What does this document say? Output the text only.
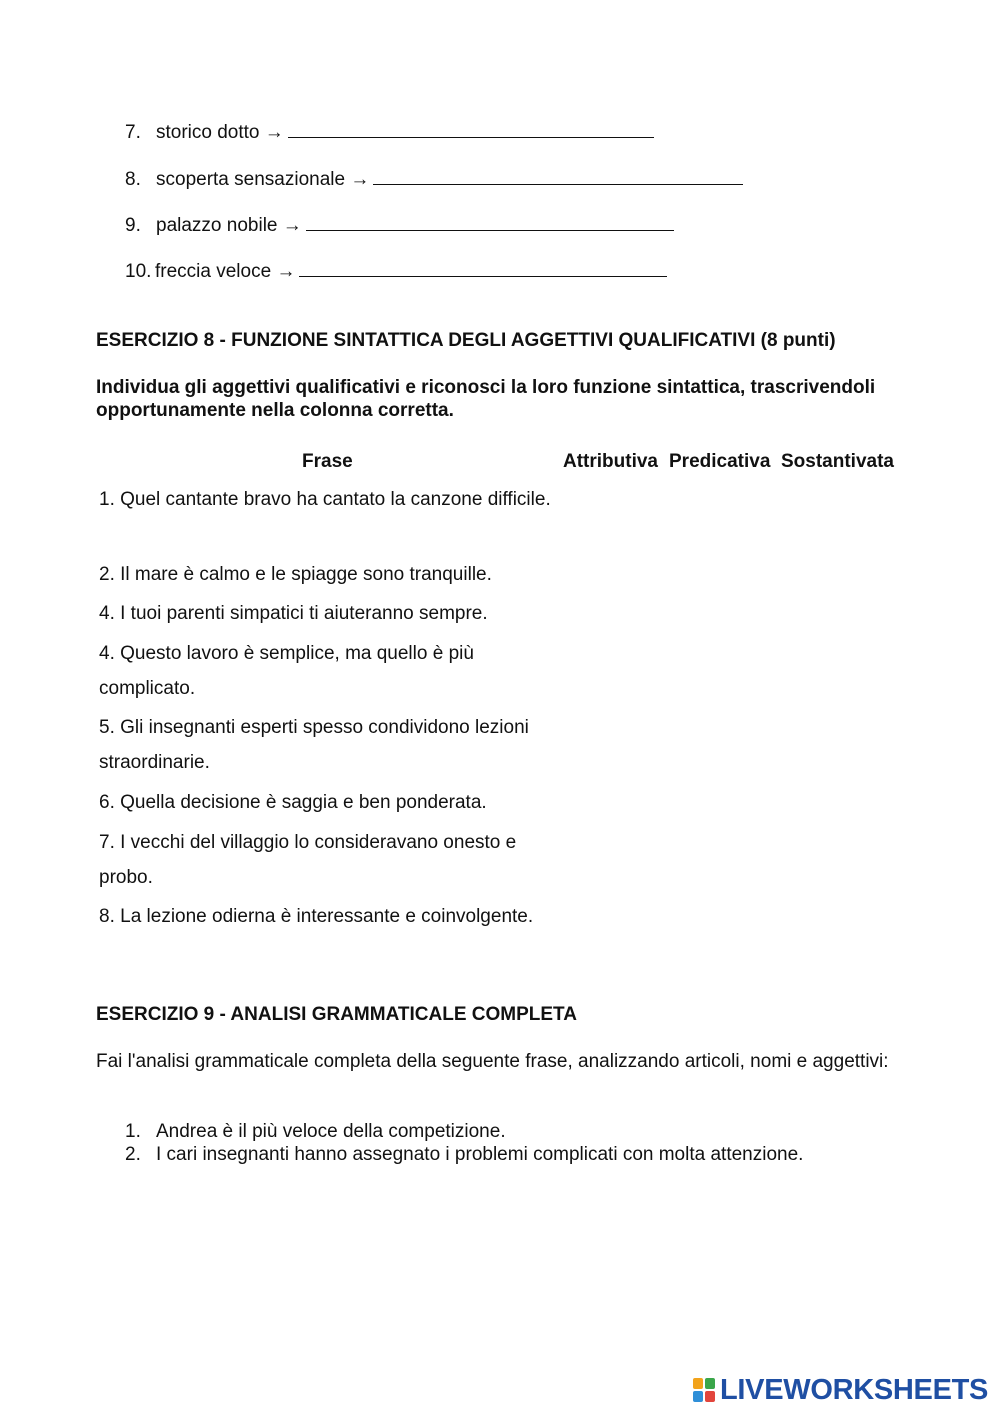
7. storico dotto →
8. scoperta sensazionale →
9. palazzo nobile →
10. freccia veloce →
ESERCIZIO 8 - FUNZIONE SINTATTICA DEGLI AGGETTIVI QUALIFICATIVI (8 punti)
Individua gli aggettivi qualificativi e riconosci la loro funzione sintattica, trascrivendoli opportunamente nella colonna corretta.
Frase	Attributiva Predicativa Sostantivata
1. Quel cantante bravo ha cantato la canzone difficile.
2. Il mare è calmo e le spiagge sono tranquille.
4. I tuoi parenti simpatici ti aiuteranno sempre.
4. Questo lavoro è semplice, ma quello è più complicato.
5. Gli insegnanti esperti spesso condividono lezioni straordinarie.
6. Quella decisione è saggia e ben ponderata.
7. I vecchi del villaggio lo consideravano onesto e probo.
8. La lezione odierna è interessante e coinvolgente.
ESERCIZIO 9 - ANALISI GRAMMATICALE COMPLETA
Fai l'analisi grammaticale completa della seguente frase, analizzando articoli, nomi e aggettivi:
1. Andrea è il più veloce della competizione.
2. I cari insegnanti hanno assegnato i problemi complicati con molta attenzione.
LIVEWORKSHEETS
